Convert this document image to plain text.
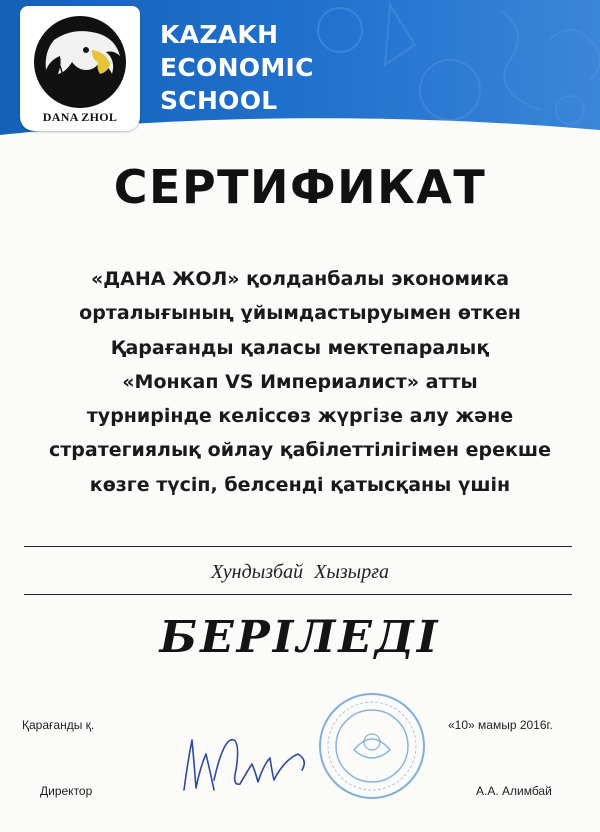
DANA ZHOL
KAZAKH
ECONOMIC
SCHOOL
СЕРТИФИКАТ
«ДАНА ЖОЛ» қолданбалы экономика
орталығының ұйымдастыруымен өткен
Қарағанды қаласы мектепаралық
«Монкап VS Империалист» атты
турнирінде келіссөз жүргізе алу және
стратегиялық ойлау қабілеттілігімен ерекше
көзге түсіп, белсенді қатысқаны үшін
Хундызбай Хызырға
БЕРІЛЕДІ
Қарағанды қ.	«10» мамыр 2016г.
Директор	А.А. Алимбай
